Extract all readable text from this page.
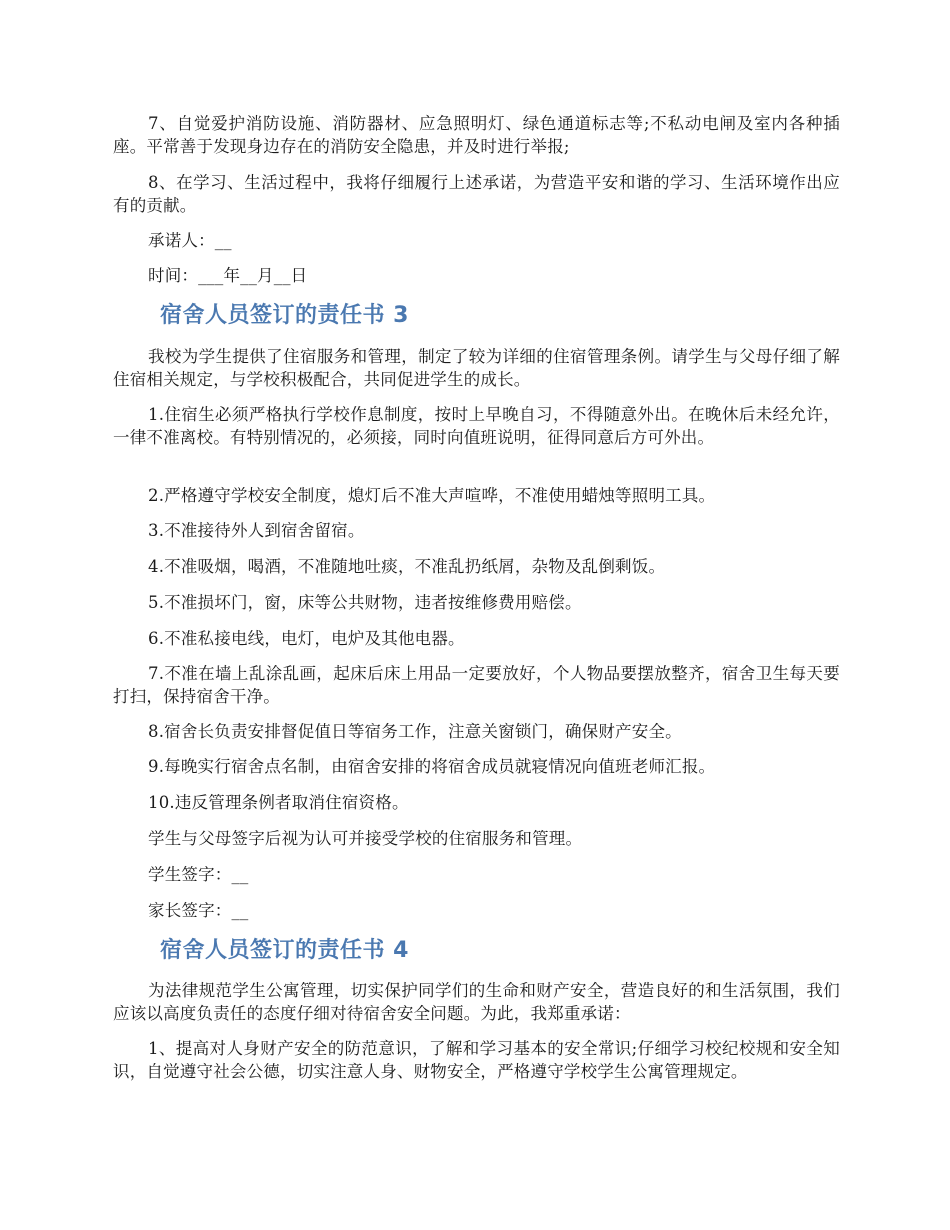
7、自觉爱护消防设施、消防器材、应急照明灯、绿色通道标志等;不私动电闸及室内各种插座。平常善于发现身边存在的消防安全隐患，并及时进行举报;

8、在学习、生活过程中，我将仔细履行上述承诺，为营造平安和谐的学习、生活环境作出应有的贡献。

承诺人：__

时间：___年__月__日

宿舍人员签订的责任书 3

我校为学生提供了住宿服务和管理，制定了较为详细的住宿管理条例。请学生与父母仔细了解住宿相关规定，与学校积极配合，共同促进学生的成长。

1.住宿生必须严格执行学校作息制度，按时上早晚自习，不得随意外出。在晚休后未经允许，一律不准离校。有特别情况的，必须接，同时向值班说明，征得同意后方可外出。

2.严格遵守学校安全制度，熄灯后不准大声喧哗，不准使用蜡烛等照明工具。

3.不准接待外人到宿舍留宿。

4.不准吸烟，喝酒，不准随地吐痰，不准乱扔纸屑，杂物及乱倒剩饭。

5.不准损坏门，窗，床等公共财物，违者按维修费用赔偿。

6.不准私接电线，电灯，电炉及其他电器。

7.不准在墙上乱涂乱画，起床后床上用品一定要放好，个人物品要摆放整齐，宿舍卫生每天要打扫，保持宿舍干净。

8.宿舍长负责安排督促值日等宿务工作，注意关窗锁门，确保财产安全。

9.每晚实行宿舍点名制，由宿舍安排的将宿舍成员就寝情况向值班老师汇报。

10.违反管理条例者取消住宿资格。

学生与父母签字后视为认可并接受学校的住宿服务和管理。

学生签字：__

家长签字：__

宿舍人员签订的责任书 4

为法律规范学生公寓管理，切实保护同学们的生命和财产安全，营造良好的和生活氛围，我们应该以高度负责任的态度仔细对待宿舍安全问题。为此，我郑重承诺：

1、提高对人身财产安全的防范意识，了解和学习基本的安全常识;仔细学习校纪校规和安全知识，自觉遵守社会公德，切实注意人身、财物安全，严格遵守学校学生公寓管理规定。
